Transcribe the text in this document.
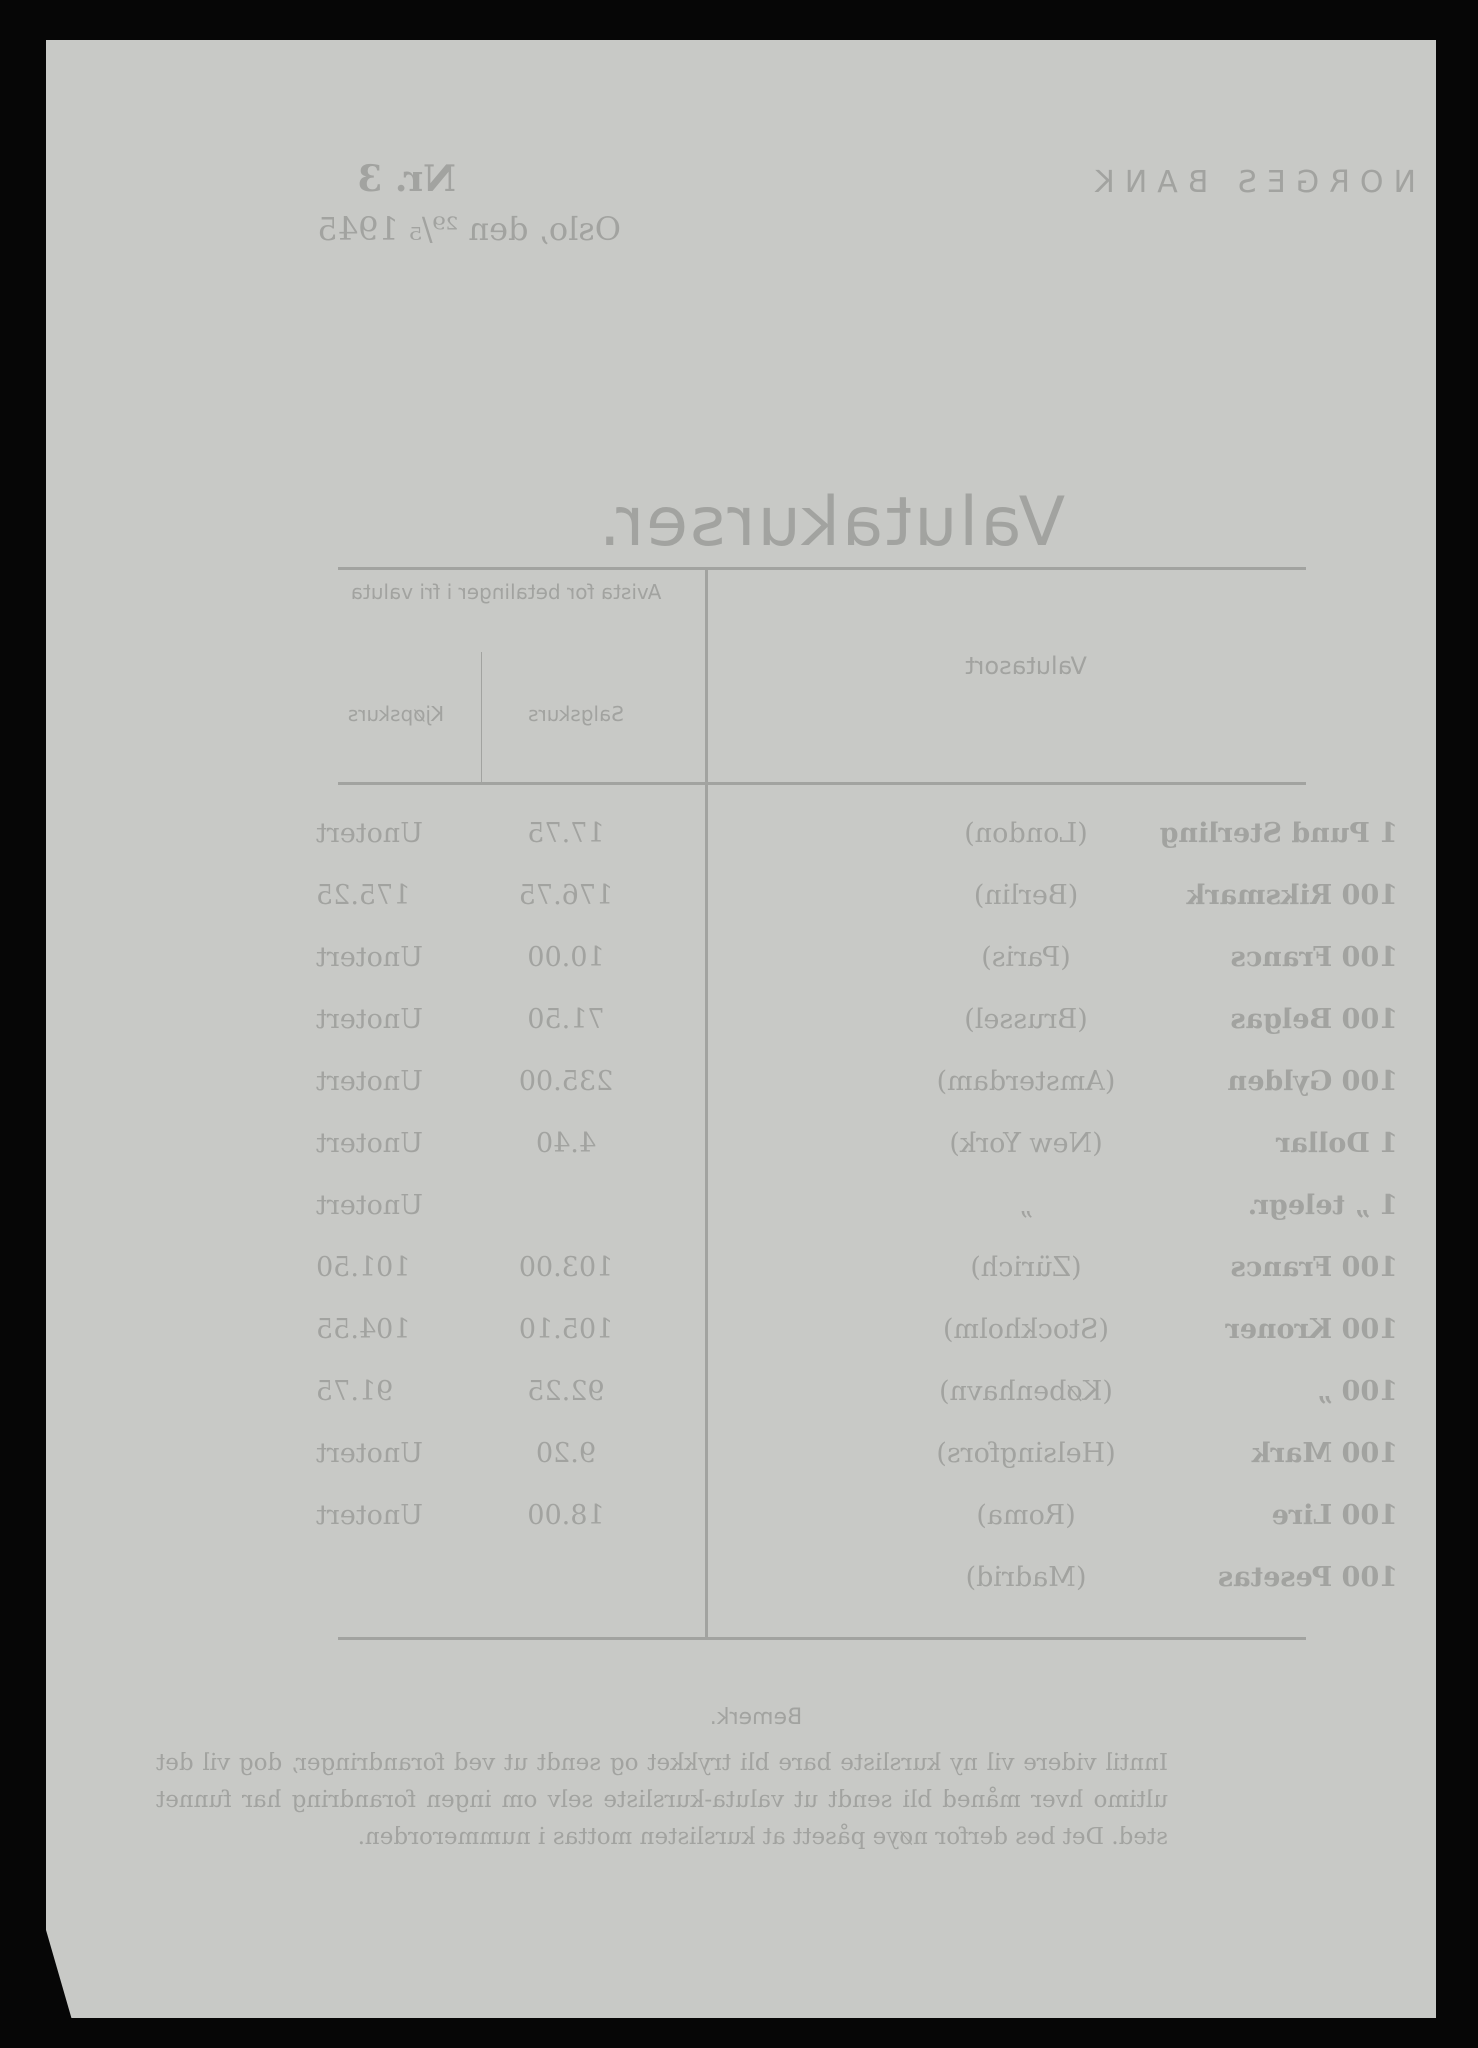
NORGES BANK
Nr. 3
Oslo, den ²⁹/₅ 1945
Valutakurser.
Valutasort
Avista for betalinger i fri valuta
Salgskurs
Kjøpskurs
1 Pund Sterling
(London)
17.75
Unotert
100 Riksmark
(Berlin)
176.75
175.25
100 Francs
(Paris)
10.00
Unotert
100 Belgas
(Brussel)
71.50
Unotert
100 Gylden
(Amsterdam)
235.00
Unotert
1 Dollar
(New York)
4.40
Unotert
1 „ telegr.
„
Unotert
100 Francs
(Zürich)
103.00
101.50
100 Kroner
(Stockholm)
105.10
104.55
100 „
(København)
92.25
91.75
100 Mark
(Helsingfors)
9.20
Unotert
100 Lire
(Roma)
18.00
Unotert
100 Pesetas
(Madrid)
Bemerk.
Inntil videre vil ny kursliste bare bli trykket og sendt ut ved forandringer, dog vil det ultimo hver måned bli sendt ut valuta-kursliste selv om ingen forandring har funnet sted. Det bes derfor nøye påsett at kurslisten mottas i nummerorden.
